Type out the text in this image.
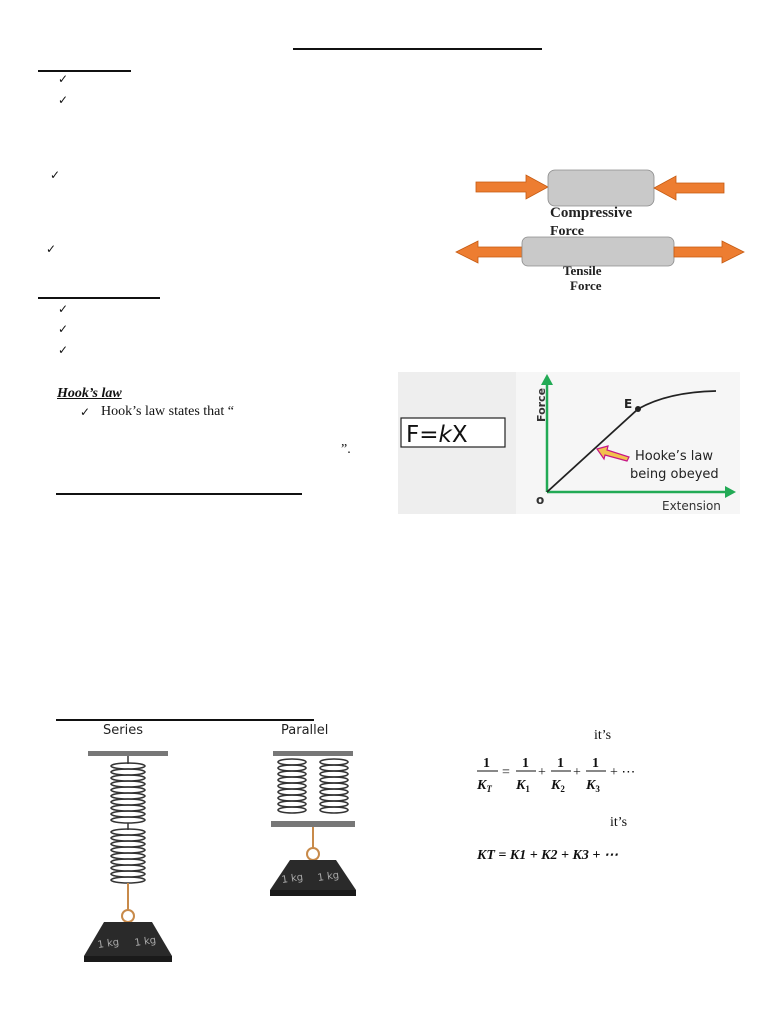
✓
✓
✓
✓
✓
✓
✓
Hook’s law
✓ Hook’s law states that “
”.
Compressive
Force
Tensile
Force
F=kX
Force
Extension
o
E
Hooke’s law
being obeyed
Series	Parallel
1 kg 1 kg
1 kg 1 kg
it’s
1
$K_T$
=
1
$K_1$
+
1
$K_2$
+
1
$K_3$
+ ⋯
it’s
KT = K1 + K2 + K3 + ⋯
